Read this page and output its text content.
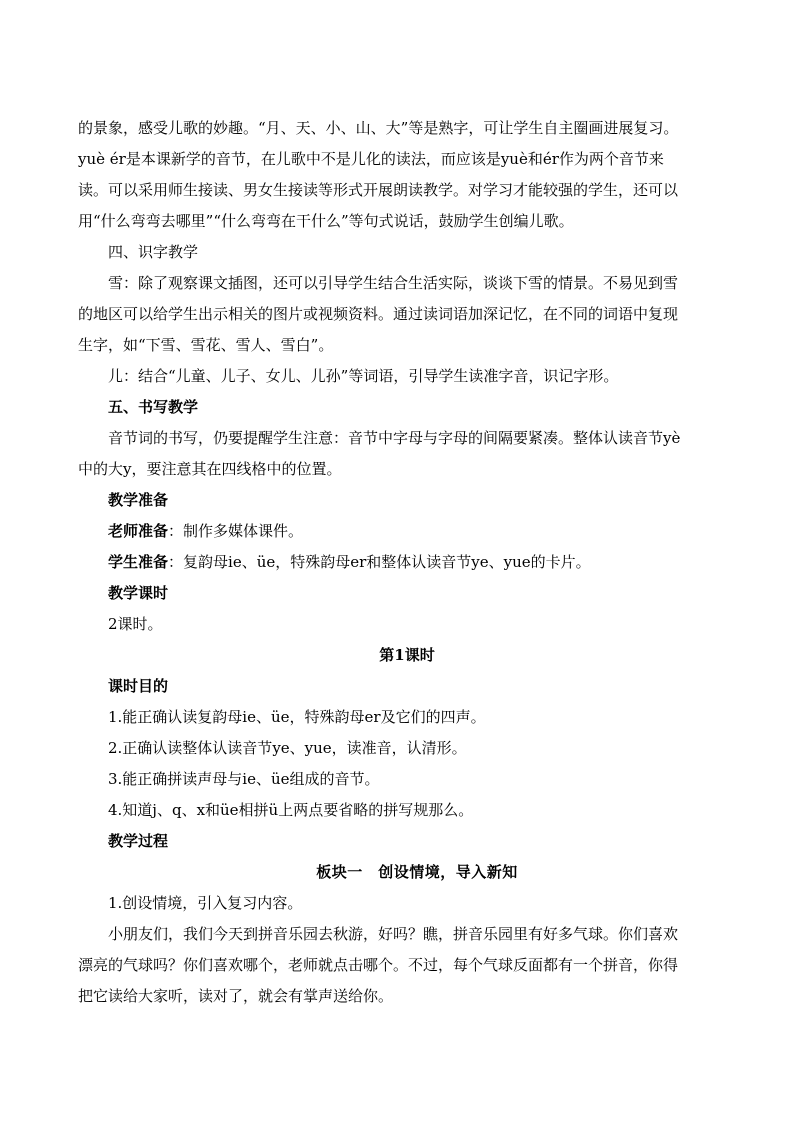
的景象，感受儿歌的妙趣。“月、天、小、山、大”等是熟字，可让学生自主圈画进展复习。
yuè ér是本课新学的音节，在儿歌中不是儿化的读法，而应该是yuè和ér作为两个音节来
读。可以采用师生接读、男女生接读等形式开展朗读教学。对学习才能较强的学生，还可以
用“什么弯弯去哪里”“什么弯弯在干什么”等句式说话，鼓励学生创编儿歌。
四、识字教学
雪：除了观察课文插图，还可以引导学生结合生活实际，谈谈下雪的情景。不易见到雪
的地区可以给学生出示相关的图片或视频资料。通过读词语加深记忆，在不同的词语中复现
生字，如“下雪、雪花、雪人、雪白”。
儿：结合“儿童、儿子、女儿、儿孙”等词语，引导学生读准字音，识记字形。
五、书写教学
音节词的书写，仍要提醒学生注意：音节中字母与字母的间隔要紧凑。整体认读音节yè
中的大y，要注意其在四线格中的位置。
教学准备
老师准备：制作多媒体课件。
学生准备：复韵母ie、üe，特殊韵母er和整体认读音节ye、yue的卡片。
教学课时
2课时。
第1课时
课时目的
1.能正确认读复韵母ie、üe，特殊韵母er及它们的四声。
2.正确认读整体认读音节ye、yue，读准音，认清形。
3.能正确拼读声母与ie、üe组成的音节。
4.知道j、q、x和üe相拼ü上两点要省略的拼写规那么。
教学过程
板块一　创设情境，导入新知
1.创设情境，引入复习内容。
小朋友们，我们今天到拼音乐园去秋游，好吗？瞧，拼音乐园里有好多气球。你们喜欢
漂亮的气球吗？你们喜欢哪个，老师就点击哪个。不过，每个气球反面都有一个拼音，你得
把它读给大家听，读对了，就会有掌声送给你。
